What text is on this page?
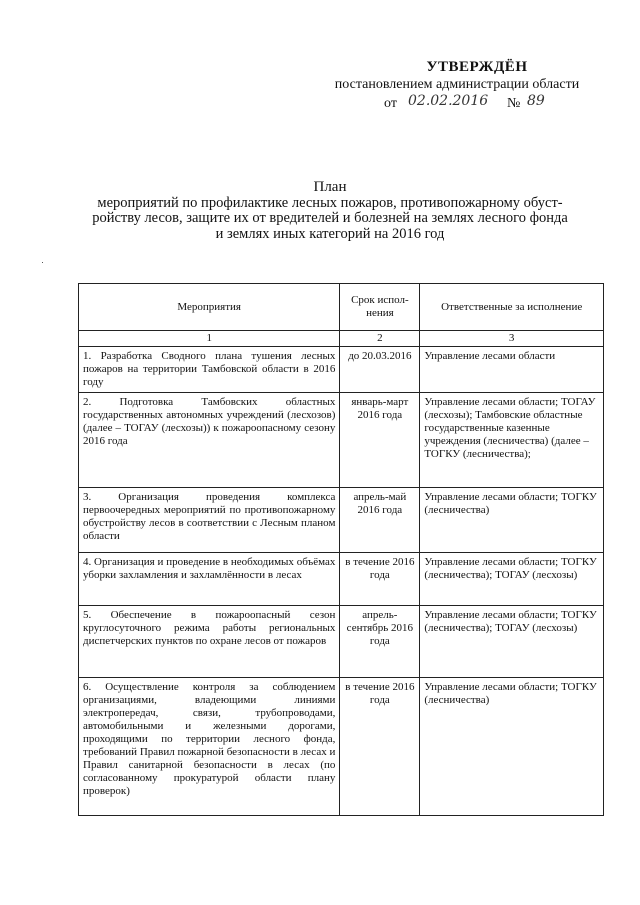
УТВЕРЖДЁН
постановлением администрации области
от 02.02.2016 № 89
План
мероприятий по профилактике лесных пожаров, противопожарному обуст-
ройству лесов, защите их от вредителей и болезней на землях лесного фонда
и землях иных категорий на 2016 год
Мероприятия	Срок испол-нения	Ответственные за исполнение
1	2	3
1. Разработка Сводного плана тушения лесных пожаров на территории Тамбовской области в 2016 году	до 20.03.2016	Управление лесами области
2. Подготовка Тамбовских областных государственных автономных учреждений (лесхозов) (далее – ТОГАУ (лесхозы)) к пожароопасному сезону 2016 года	январь-март 2016 года	Управление лесами области; ТОГАУ (лесхозы); Тамбовские областные государственные казенные учреждения (лесничества) (далее – ТОГКУ (лесничества);
3. Организация проведения комплекса первоочередных мероприятий по противопожарному обустройству лесов в соответствии с Лесным планом области	апрель-май 2016 года	Управление лесами области; ТОГКУ (лесничества)
4. Организация и проведение в необходимых объёмах уборки захламления и захламлённости в лесах	в течение 2016 года	Управление лесами области; ТОГКУ (лесничества); ТОГАУ (лесхозы)
5. Обеспечение в пожароопасный сезон круглосуточного режима работы региональных диспетчерских пунктов по охране лесов от пожаров	апрель-сентябрь 2016 года	Управление лесами области; ТОГКУ (лесничества); ТОГАУ (лесхозы)
6. Осуществление контроля за соблюдением организациями, владеющими линиями электропередач, связи, трубопроводами, автомобильными и железными дорогами, проходящими по территории лесного фонда, требований Правил пожарной безопасности в лесах и Правил санитарной безопасности в лесах (по согласованному прокуратурой области плану проверок)	в течение 2016 года	Управление лесами области; ТОГКУ (лесничества)
